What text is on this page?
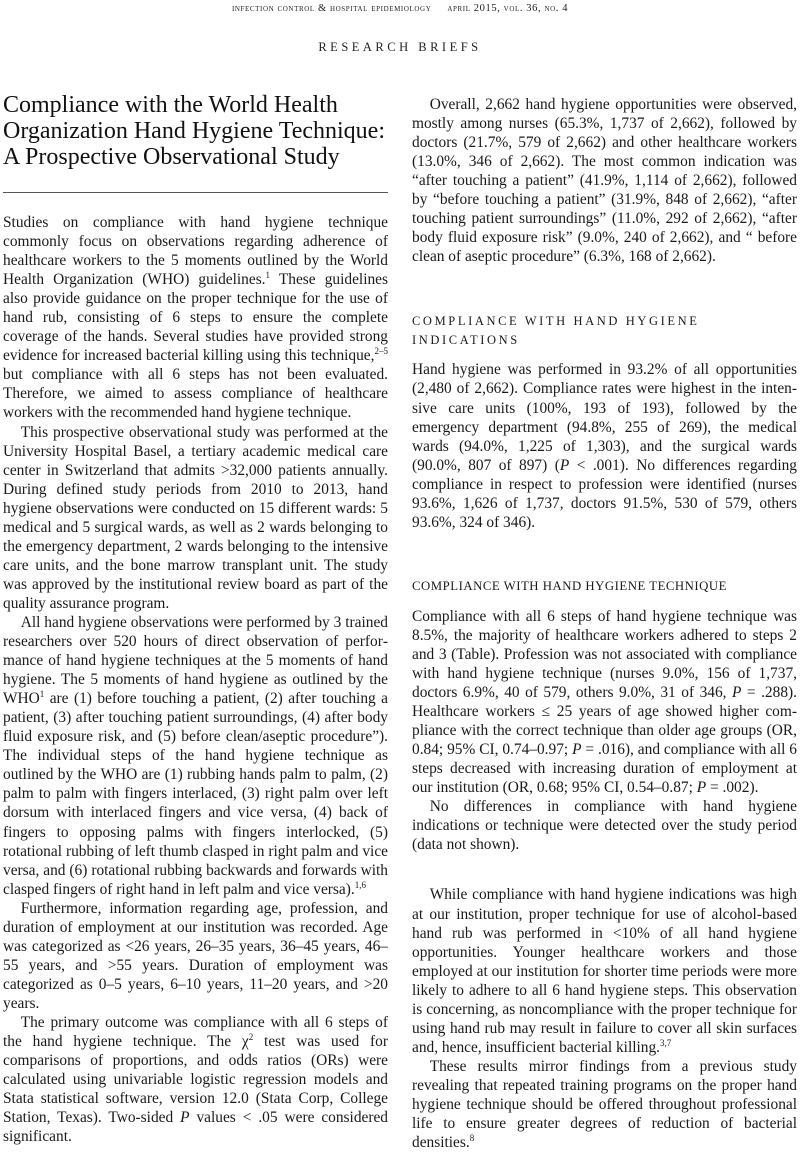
infection control & hospital epidemiology april 2015, vol. 36, no. 4
RESEARCH BRIEFS
Compliance with the World Health
Organization Hand Hygiene Technique:
A Prospective Observational Study

Studies on compliance with hand hygiene technique commonly focus on observations regarding adherence of healthcare workers to the 5 moments outlined by the World Health Organization (WHO) guidelines.$^1$ These guidelines also provide guidance on the proper technique for the use of hand rub, consisting of 6 steps to ensure the complete coverage of the hands. Several studies have provided strong evidence for increased bacterial killing using this technique,$^{2-5}$ but compliance with all 6 steps has not been evaluated. Therefore, we aimed to assess compliance of healthcare workers with the recommended hand hygiene technique.

This prospective observational study was performed at the University Hospital Basel, a tertiary academic medical care center in Switzerland that admits >32,000 patients annually. During defined study periods from 2010 to 2013, hand hygiene observations were conducted on 15 different wards: 5 medical and 5 surgical wards, as well as 2 wards belonging to the emergency department, 2 wards belonging to the intensive care units, and the bone marrow transplant unit. The study was approved by the institutional review board as part of the quality assurance program.

All hand hygiene observations were performed by 3 trained researchers over 520 hours of direct observation of performance of hand hygiene techniques at the 5 moments of hand hygiene. The 5 moments of hand hygiene as outlined by the WHO$^1$ are (1) before touching a patient, (2) after touching a patient, (3) after touching patient surroundings, (4) after body fluid exposure risk, and (5) before clean/aseptic procedure”). The individual steps of the hand hygiene technique as outlined by the WHO are (1) rubbing hands palm to palm, (2) palm to palm with fingers interlaced, (3) right palm over left dorsum with interlaced fingers and vice versa, (4) back of fingers to opposing palms with fingers interlocked, (5) rotational rubbing of left thumb clasped in right palm and vice versa, and (6) rotational rubbing backwards and forwards with clasped fingers of right hand in left palm and vice versa).$^{1,6}$

Furthermore, information regarding age, profession, and duration of employment at our institution was recorded. Age was categorized as <26 years, 26–35 years, 36–45 years, 46–55 years, and >55 years. Duration of employment was categorized as 0–5 years, 6–10 years, 11–20 years, and >20 years.

The primary outcome was compliance with all 6 steps of the hand hygiene technique. The $\chi^2$ test was used for comparisons of proportions, and odds ratios (ORs) were calculated using univariable logistic regression models and Stata statistical software, version 12.0 (Stata Corp, College Station, Texas). Two-sided P values < .05 were considered significant.

Overall, 2,662 hand hygiene opportunities were observed, mostly among nurses (65.3%, 1,737 of 2,662), followed by doctors (21.7%, 579 of 2,662) and other healthcare workers (13.0%, 346 of 2,662). The most common indication was “after touching a patient” (41.9%, 1,114 of 2,662), followed by “before touching a patient” (31.9%, 848 of 2,662), “after touching patient surroundings” (11.0%, 292 of 2,662), “after body fluid exposure risk” (9.0%, 240 of 2,662), and “ before clean of aseptic procedure” (6.3%, 168 of 2,662).

COMPLIANCE WITH HAND HYGIENE
INDICATIONS

Hand hygiene was performed in 93.2% of all opportunities (2,480 of 2,662). Compliance rates were highest in the intensive care units (100%, 193 of 193), followed by the emergency department (94.8%, 255 of 269), the medical wards (94.0%, 1,225 of 1,303), and the surgical wards (90.0%, 807 of 897) (P < .001). No differences regarding compliance in respect to profession were identified (nurses 93.6%, 1,626 of 1,737, doctors 91.5%, 530 of 579, others 93.6%, 324 of 346).

COMPLIANCE WITH HAND HYGIENE TECHNIQUE

Compliance with all 6 steps of hand hygiene technique was 8.5%, the majority of healthcare workers adhered to steps 2 and 3 (Table). Profession was not associated with compliance with hand hygiene technique (nurses 9.0%, 156 of 1,737, doctors 6.9%, 40 of 579, others 9.0%, 31 of 346, P = .288). Healthcare workers ≤ 25 years of age showed higher compliance with the correct technique than older age groups (OR, 0.84; 95% CI, 0.74–0.97; P = .016), and compliance with all 6 steps decreased with increasing duration of employment at our institution (OR, 0.68; 95% CI, 0.54–0.87; P = .002).

No differences in compliance with hand hygiene indications or technique were detected over the study period (data not shown).

While compliance with hand hygiene indications was high at our institution, proper technique for use of alcohol-based hand rub was performed in <10% of all hand hygiene opportunities. Younger healthcare workers and those employed at our institution for shorter time periods were more likely to adhere to all 6 hand hygiene steps. This observation is concerning, as noncompliance with the proper technique for using hand rub may result in failure to cover all skin surfaces and, hence, insufficient bacterial killing.$^{3,7}$

These results mirror findings from a previous study revealing that repeated training programs on the proper hand hygiene technique should be offered throughout professional life to ensure greater degrees of reduction of bacterial densities.$^8$
